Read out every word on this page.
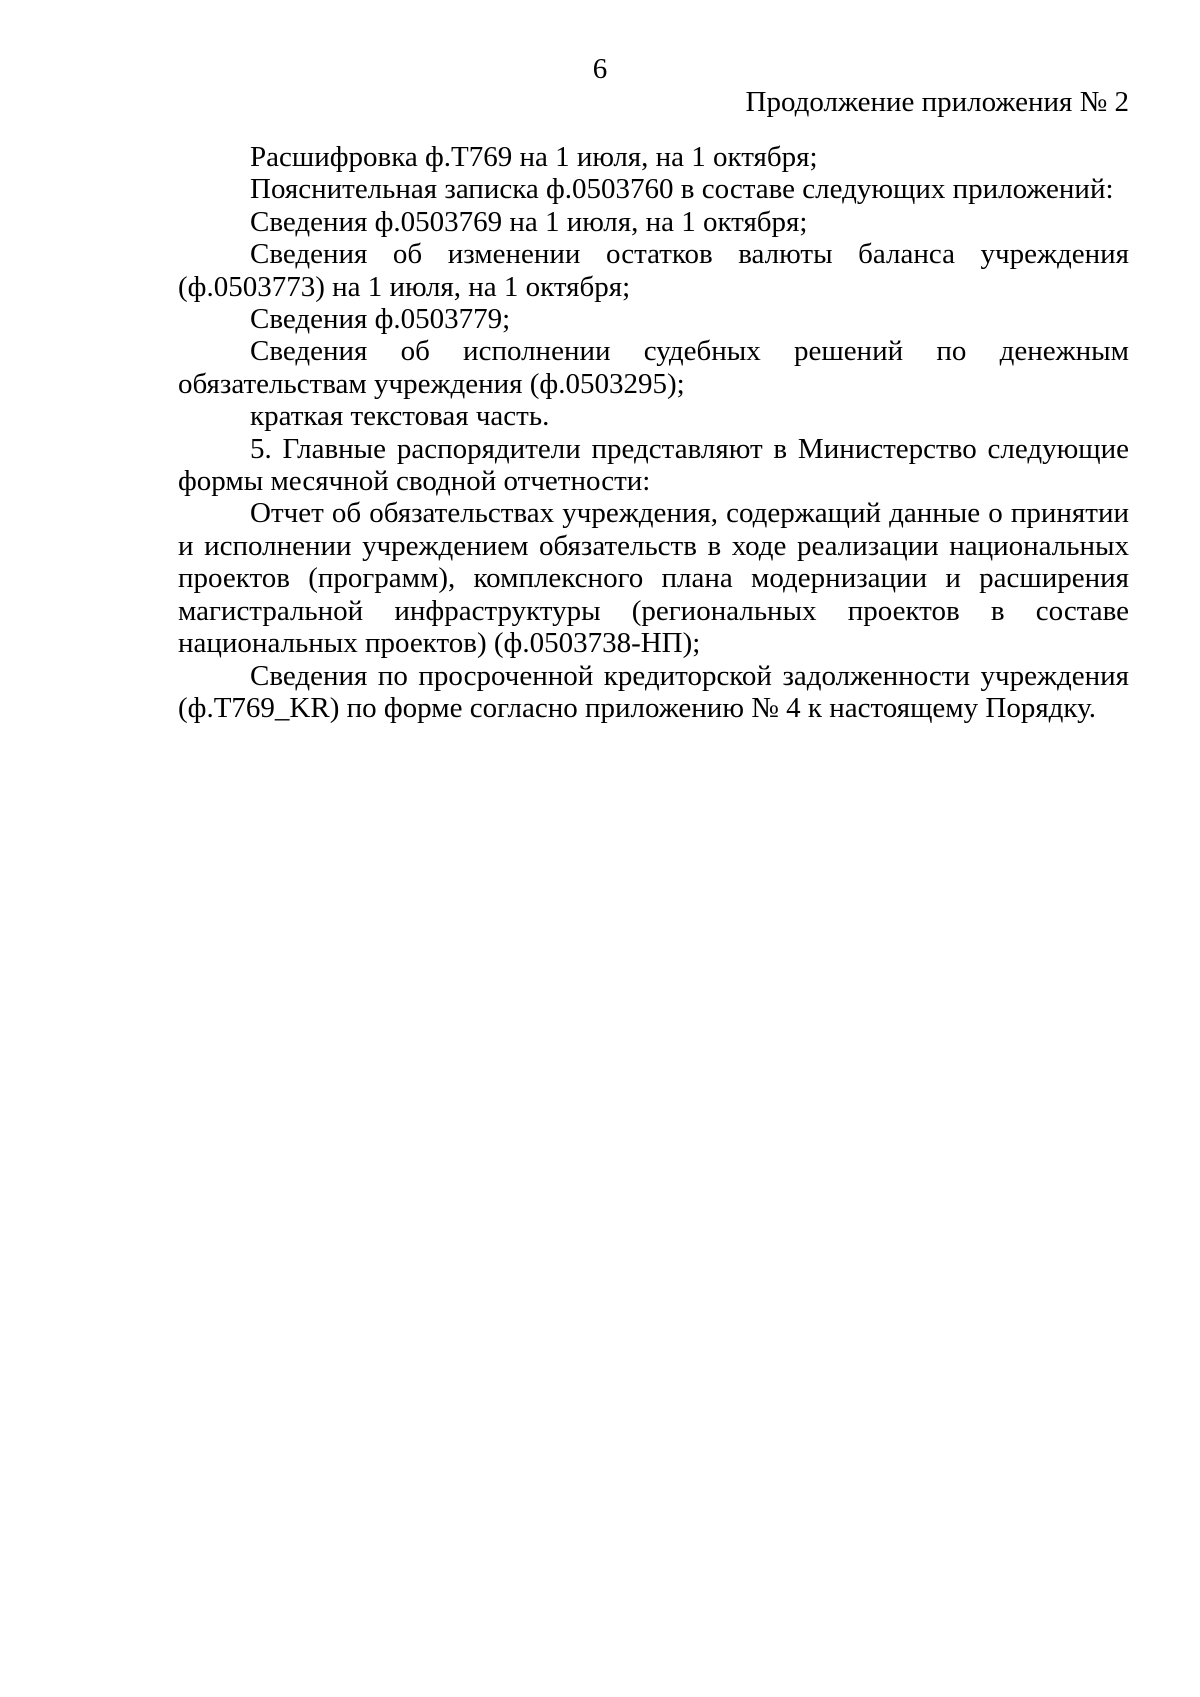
6
Продолжение приложения № 2

Расшифровка ф.Т769 на 1 июля, на 1 октября;

Пояснительная записка ф.0503760 в составе следующих приложений:

Сведения ф.0503769 на 1 июля, на 1 октября;

Сведения об изменении остатков валюты баланса учреждения (ф.0503773) на 1 июля, на 1 октября;

Сведения ф.0503779;

Сведения об исполнении судебных решений по денежным обязательствам учреждения (ф.0503295);

краткая текстовая часть.

5. Главные распорядители представляют в Министерство следующие формы месячной сводной отчетности:

Отчет об обязательствах учреждения, содержащий данные о принятии и исполнении учреждением обязательств в ходе реализации национальных проектов (программ), комплексного плана модернизации и расширения магистральной инфраструктуры (региональных проектов в составе национальных проектов) (ф.0503738-НП);

Сведения по просроченной кредиторской задолженности учреждения (ф.Т769_KR) по форме согласно приложению № 4 к настоящему Порядку.
